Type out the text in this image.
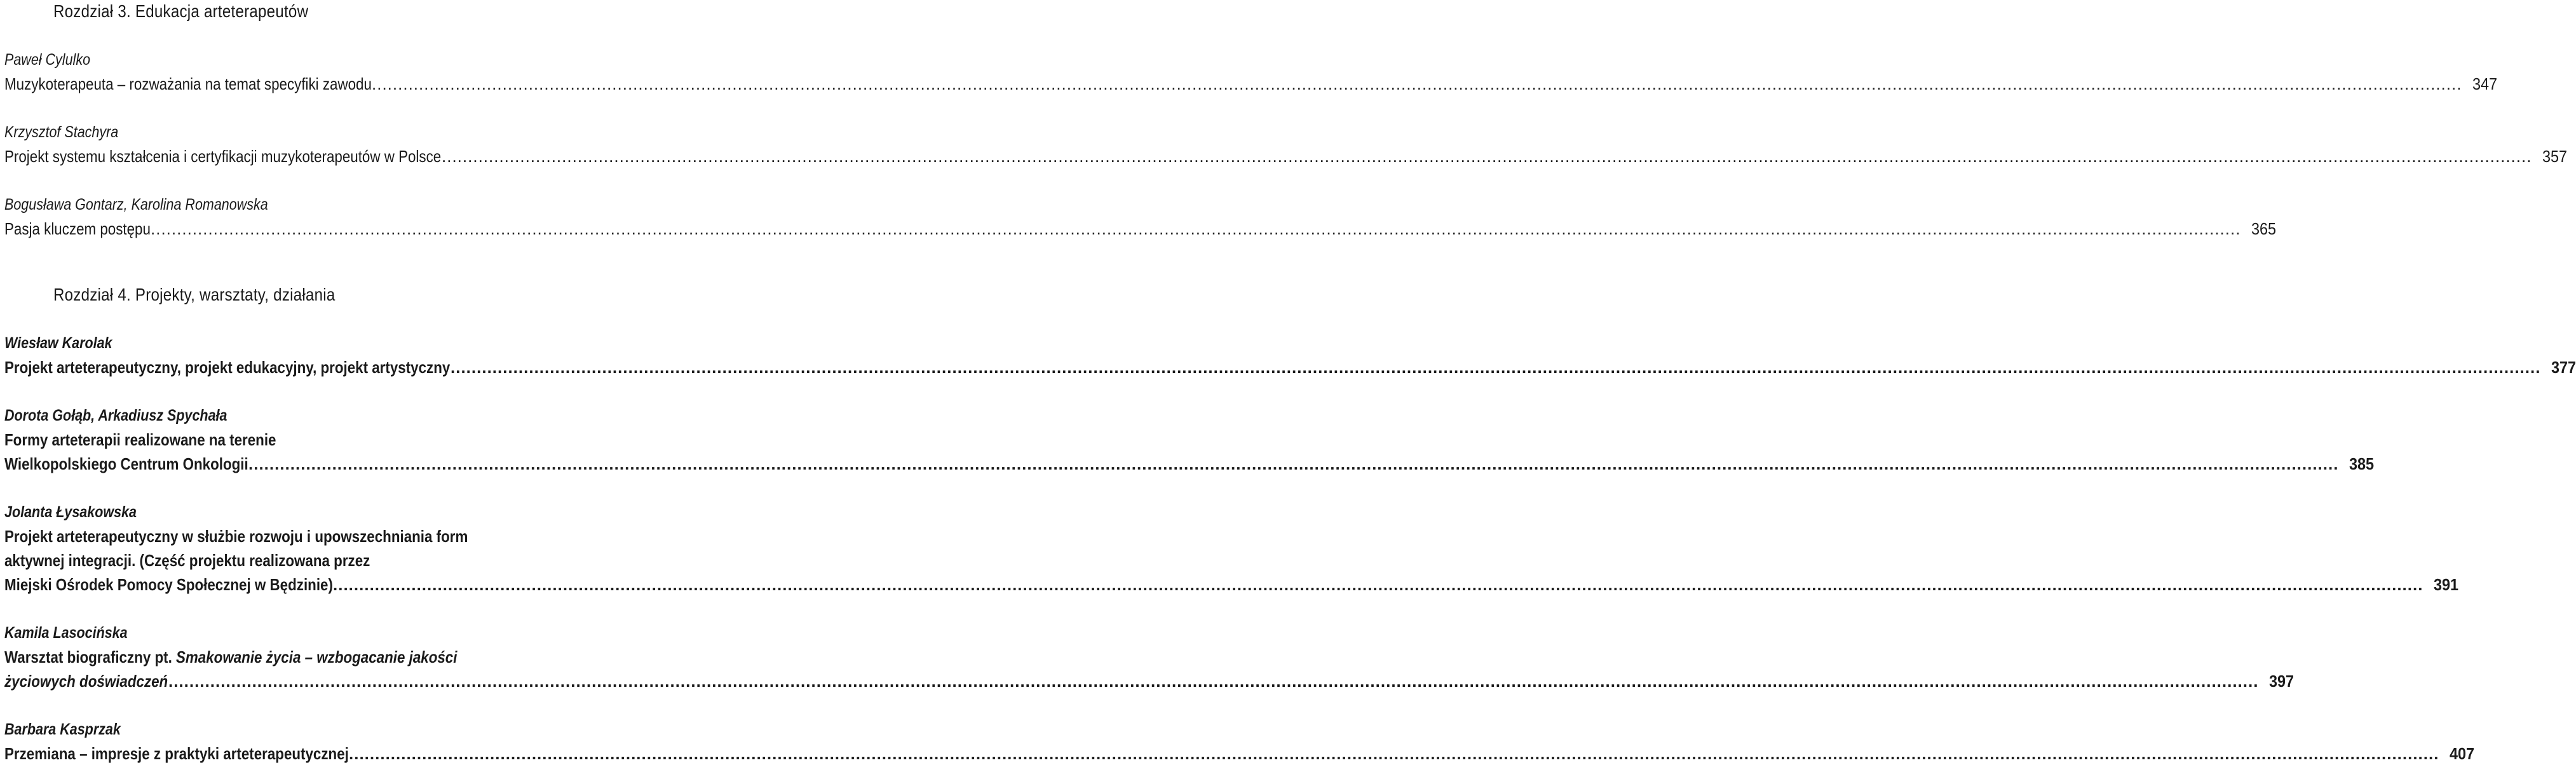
Rozdział 3. Edukacja arteterapeutów
Paweł Cylulko
Muzykoterapeuta – rozważania na temat specyfiki zawodu ................................................................................................................................................................................................................................................................................................................................................................................................................ 347
Krzysztof Stachyra
Projekt systemu kształcenia i certyfikacji muzykoterapeutów w Polsce ................................................................................................................................................................................................................................................................................................................................................................................................................ 357
Bogusława Gontarz, Karolina Romanowska
Pasja kluczem postępu ................................................................................................................................................................................................................................................................................................................................................................................................................ 365
Rozdział 4. Projekty, warsztaty, działania
Wiesław Karolak
Projekt arteterapeutyczny, projekt edukacyjny, projekt artystyczny ................................................................................................................................................................................................................................................................................................................................................................................................................ 377
Dorota Gołąb, Arkadiusz Spychała
Formy arteterapii realizowane na terenie
Wielkopolskiego Centrum Onkologii ................................................................................................................................................................................................................................................................................................................................................................................................................ 385
Jolanta Łysakowska
Projekt arteterapeutyczny w służbie rozwoju i upowszechniania form
aktywnej integracji. (Część projektu realizowana przez
Miejski Ośrodek Pomocy Społecznej w Będzinie) ................................................................................................................................................................................................................................................................................................................................................................................................................ 391
Kamila Lasocińska
Warsztat biograficzny pt. Smakowanie życia – wzbogacanie jakości
życiowych doświadczeń ................................................................................................................................................................................................................................................................................................................................................................................................................ 397
Barbara Kasprzak
Przemiana – impresje z praktyki arteterapeutycznej ................................................................................................................................................................................................................................................................................................................................................................................................................ 407
